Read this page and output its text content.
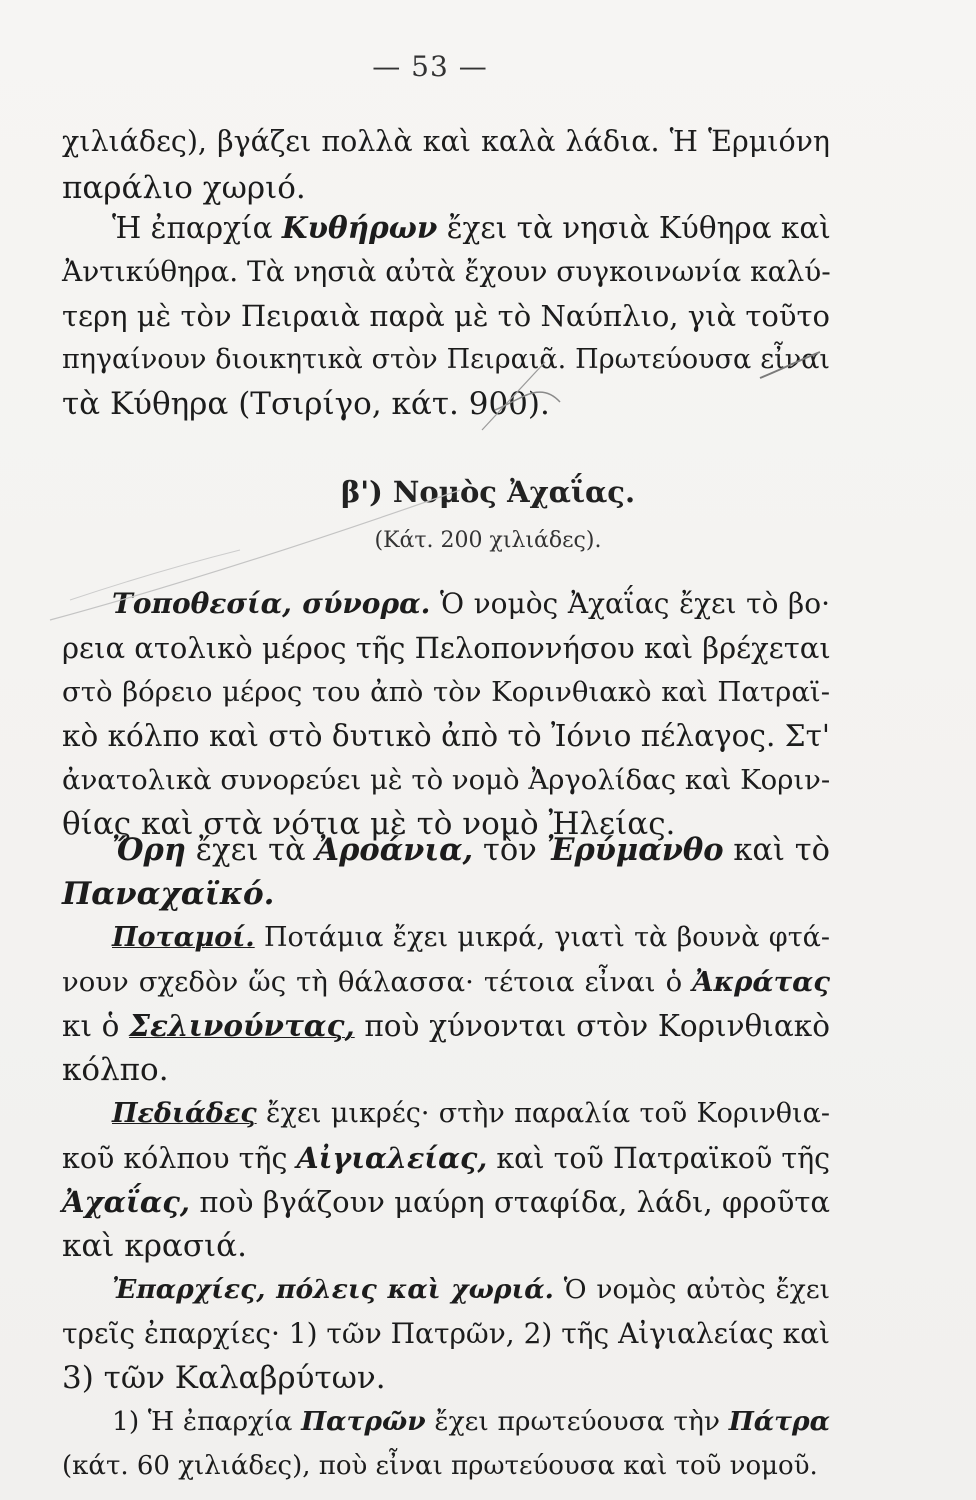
— 53 —
χιλιάδες), βγάζει πολλὰ καὶ καλὰ λάδια. Ἡ Ἑρμιόνη
παράλιο χωριό.
Ἡ ἐπαρχία Κυθήρων ἔχει τὰ νησιὰ Κύθηρα καὶ
Ἀντικύθηρα. Τὰ νησιὰ αὐτὰ ἔχουν συγκοινωνία καλύ-
τερη μὲ τὸν Πειραιὰ παρὰ μὲ τὸ Ναύπλιο, γιὰ τοῦτο
πηγαίνουν διοικητικὰ στὸν Πειραιᾶ. Πρωτεύουσα εἶναι
τὰ Κύθηρα (Τσιρίγο, κάτ. 900).
β') Νομὸς Ἀχαΐας.
(Κάτ. 200 χιλιάδες).
Τοποθεσία, σύνορα. Ὁ νομὸς Ἀχαΐας ἔχει τὸ βο·
ρεια ατολικὸ μέρος τῆς Πελοποννήσου καὶ βρέχεται
στὸ βόρειο μέρος του ἀπὸ τὸν Κορινθιακὸ καὶ Πατραϊ-
κὸ κόλπο καὶ στὸ δυτικὸ ἀπὸ τὸ Ἰόνιο πέλαγος. Στ'
ἀνατολικὰ συνορεύει μὲ τὸ νομὸ Ἀργολίδας καὶ Κοριν-
θίας καὶ στὰ νότια μὲ τὸ νομὸ Ἠλείας.
Ὄρη ἔχει τὰ Ἀροάνια, τὸν Ἐρύμανθο καὶ τὸ
Παναχαϊκό.
Ποταμοί. Ποτάμια ἔχει μικρά, γιατὶ τὰ βουνὰ φτά-
νουν σχεδὸν ὥς τὴ θάλασσα· τέτοια εἶναι ὁ Ἀκράτας
κι ὁ Σελινούντας, ποὺ χύνονται στὸν Κορινθιακὸ
κόλπο.
Πεδιάδες ἔχει μικρές· στὴν παραλία τοῦ Κορινθια-
κοῦ κόλπου τῆς Αἰγιαλείας, καὶ τοῦ Πατραϊκοῦ τῆς
Ἀχαΐας, ποὺ βγάζουν μαύρη σταφίδα, λάδι, φροῦτα
καὶ κρασιά.
Ἐπαρχίες, πόλεις καὶ χωριά. Ὁ νομὸς αὐτὸς ἔχει
τρεῖς ἐπαρχίες· 1) τῶν Πατρῶν, 2) τῆς Αἰγιαλείας καὶ
3) τῶν Καλαβρύτων.
1) Ἡ ἐπαρχία Πατρῶν ἔχει πρωτεύουσα τὴν Πάτρα
(κάτ. 60 χιλιάδες), ποὺ εἶναι πρωτεύουσα καὶ τοῦ νομοῦ.
